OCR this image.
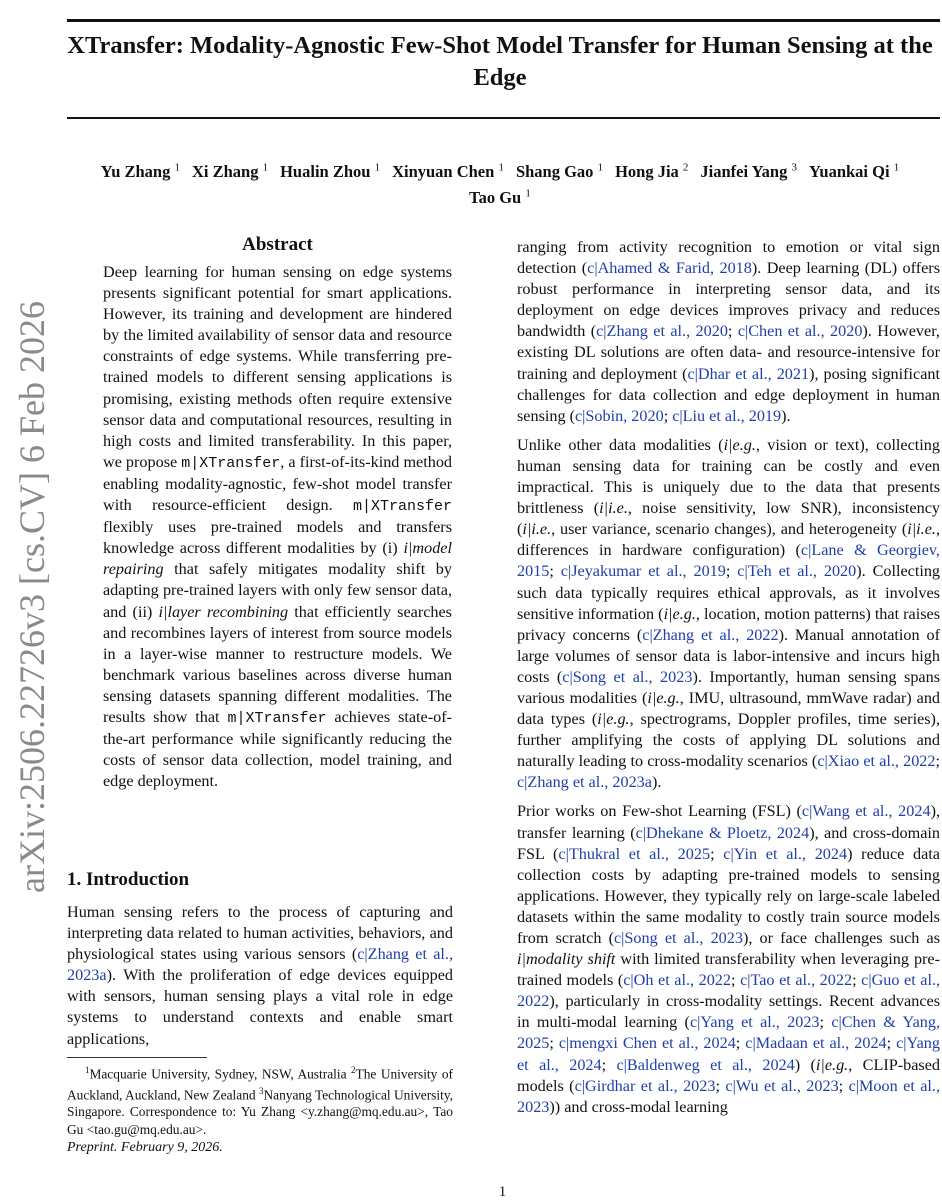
XTransfer: Modality-Agnostic Few-Shot Model Transfer for Human Sensing at the Edge
Yu Zhang $^1$ Xi Zhang $^1$ Hualin Zhou $^1$ Xinyuan Chen $^1$ Shang Gao $^1$ Hong Jia $^2$ Jianfei Yang $^3$ Yuankai Qi $^1$
Tao Gu $^1$
arXiv:2506.22726v3 [cs.CV] 6 Feb 2026
Abstract

Deep learning for human sensing on edge systems presents significant potential for smart applications. However, its training and development are hindered by the limited availability of sensor data and resource constraints of edge systems. While transferring pre-trained models to different sensing applications is promising, existing methods often require extensive sensor data and computational resources, resulting in high costs and limited transferability. In this paper, we propose m|XTransfer, a first-of-its-kind method enabling modality-agnostic, few-shot model transfer with resource-efficient design. m|XTransfer flexibly uses pre-trained models and transfers knowledge across different modalities by (i) i|model repairing that safely mitigates modality shift by adapting pre-trained layers with only few sensor data, and (ii) i|layer recombining that efficiently searches and recombines layers of interest from source models in a layer-wise manner to restructure models. We benchmark various baselines across diverse human sensing datasets spanning different modalities. The results show that m|XTransfer achieves state-of-the-art performance while significantly reducing the costs of sensor data collection, model training, and edge deployment.

1. Introduction

Human sensing refers to the process of capturing and interpreting data related to human activities, behaviors, and physiological states using various sensors (c|Zhang et al., 2023a). With the proliferation of edge devices equipped with sensors, human sensing plays a vital role in edge systems to understand contexts and enable smart applications,

ranging from activity recognition to emotion or vital sign detection (c|Ahamed & Farid, 2018). Deep learning (DL) offers robust performance in interpreting sensor data, and its deployment on edge devices improves privacy and reduces bandwidth (c|Zhang et al., 2020; c|Chen et al., 2020). However, existing DL solutions are often data- and resource-intensive for training and deployment (c|Dhar et al., 2021), posing significant challenges for data collection and edge deployment in human sensing (c|Sobin, 2020; c|Liu et al., 2019).

Unlike other data modalities (i|e.g., vision or text), collecting human sensing data for training can be costly and even impractical. This is uniquely due to the data that presents brittleness (i|i.e., noise sensitivity, low SNR), inconsistency (i|i.e., user variance, scenario changes), and heterogeneity (i|i.e., differences in hardware configuration) (c|Lane & Georgiev, 2015; c|Jeyakumar et al., 2019; c|Teh et al., 2020). Collecting such data typically requires ethical approvals, as it involves sensitive information (i|e.g., location, motion patterns) that raises privacy concerns (c|Zhang et al., 2022). Manual annotation of large volumes of sensor data is labor-intensive and incurs high costs (c|Song et al., 2023). Importantly, human sensing spans various modalities (i|e.g., IMU, ultrasound, mmWave radar) and data types (i|e.g., spectrograms, Doppler profiles, time series), further amplifying the costs of applying DL solutions and naturally leading to cross-modality scenarios (c|Xiao et al., 2022; c|Zhang et al., 2023a).

Prior works on Few-shot Learning (FSL) (c|Wang et al., 2024), transfer learning (c|Dhekane & Ploetz, 2024), and cross-domain FSL (c|Thukral et al., 2025; c|Yin et al., 2024) reduce data collection costs by adapting pre-trained models to sensing applications. However, they typically rely on large-scale labeled datasets within the same modality to costly train source models from scratch (c|Song et al., 2023), or face challenges such as i|modality shift with limited transferability when leveraging pre-trained models (c|Oh et al., 2022; c|Tao et al., 2022; c|Guo et al., 2022), particularly in cross-modality settings. Recent advances in multi-modal learning (c|Yang et al., 2023; c|Chen & Yang, 2025; c|mengxi Chen et al., 2024; c|Madaan et al., 2024; c|Yang et al., 2024; c|Baldenweg et al., 2024) (i|e.g., CLIP-based models (c|Girdhar et al., 2023; c|Wu et al., 2023; c|Moon et al., 2023)) and cross-modal learning

$^1$Macquarie University, Sydney, NSW, Australia $^2$The University of Auckland, Auckland, New Zealand $^3$Nanyang Technological University, Singapore. Correspondence to: Yu Zhang <y.zhang@mq.edu.au>, Tao Gu <tao.gu@mq.edu.au>.
Preprint. February 9, 2026.
1
